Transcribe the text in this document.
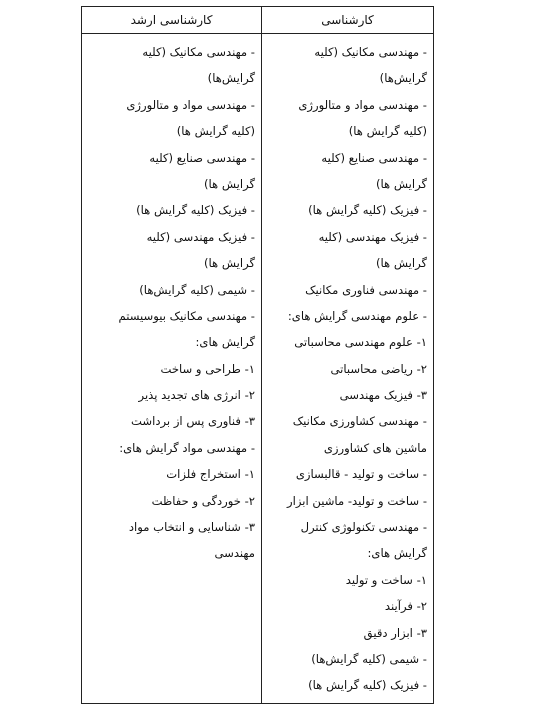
کارشناسی
کارشناسی ارشد
- مهندسی مکانیک (کلیه
گرایش‌ها)
- مهندسی مواد و متالورژی
(کلیه گرایش ها)
- مهندسی صنایع (کلیه
گرایش ها)
- فیزیک (کلیه گرایش ها)
- فیزیک مهندسی (کلیه
گرایش ها)
- مهندسی فناوری مکانیک
- علوم مهندسی گرایش های:
۱- علوم مهندسی محاسباتی
۲- ریاضی محاسباتی
۳- فیزیک مهندسی
- مهندسی کشاورزی مکانیک
ماشین های کشاورزی
- ساخت و تولید - قالبسازی
- ساخت و تولید- ماشین ابزار
- مهندسی تکنولوژی کنترل
گرایش های:
۱- ساخت و تولید
۲- فرآیند
۳- ابزار دقیق
- شیمی (کلیه گرایش‌ها)
- فیزیک (کلیه گرایش ها)
- مهندسی مکانیک (کلیه
گرایش‌ها)
- مهندسی مواد و متالورژی
(کلیه گرایش ها)
- مهندسی صنایع (کلیه
گرایش ها)
- فیزیک (کلیه گرایش ها)
- فیزیک مهندسی (کلیه
گرایش ها)
- شیمی (کلیه گرایش‌ها)
- مهندسی مکانیک بیوسیستم
گرایش های:
۱- طراحی و ساخت
۲- انرژی های تجدید پذیر
۳- فناوری پس از برداشت
- مهندسی مواد گرایش های:
۱- استخراج فلزات
۲- خوردگی و حفاظت
۳- شناسایی و انتخاب مواد
مهندسی
